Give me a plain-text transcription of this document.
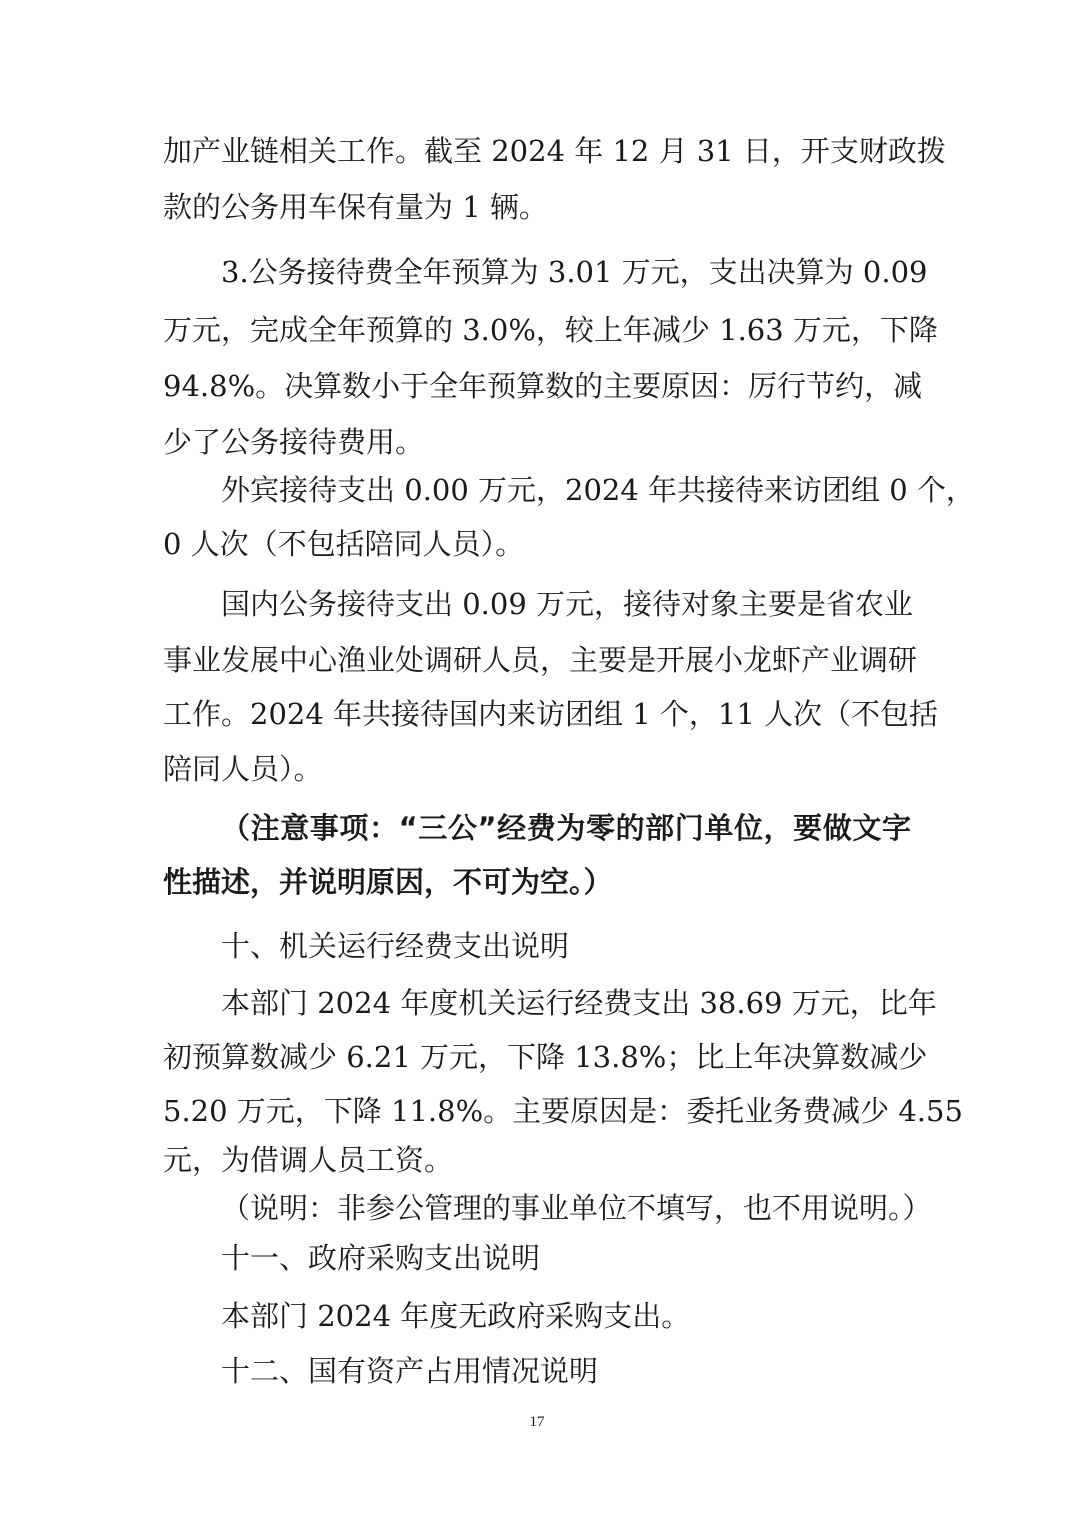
加产业链相关工作。截至 2024 年 12 月 31 日，开支财政拨
款的公务用车保有量为 1 辆。
3.公务接待费全年预算为 3.01 万元，支出决算为 0.09
万元，完成全年预算的 3.0%，较上年减少 1.63 万元，下降
94.8%。决算数小于全年预算数的主要原因：厉行节约，减
少了公务接待费用。
外宾接待支出 0.00 万元，2024 年共接待来访团组 0 个，
0 人次（不包括陪同人员）。
国内公务接待支出 0.09 万元，接待对象主要是省农业
事业发展中心渔业处调研人员，主要是开展小龙虾产业调研
工作。2024 年共接待国内来访团组 1 个，11 人次（不包括
陪同人员）。
（注意事项：“三公”经费为零的部门单位，要做文字
性描述，并说明原因，不可为空。）
十、机关运行经费支出说明
本部门 2024 年度机关运行经费支出 38.69 万元，比年
初预算数减少 6.21 万元，下降 13.8%；比上年决算数减少
5.20 万元，下降 11.8%。主要原因是：委托业务费减少 4.55
元，为借调人员工资。
（说明：非参公管理的事业单位不填写，也不用说明。）
十一、政府采购支出说明
本部门 2024 年度无政府采购支出。
十二、国有资产占用情况说明
17
